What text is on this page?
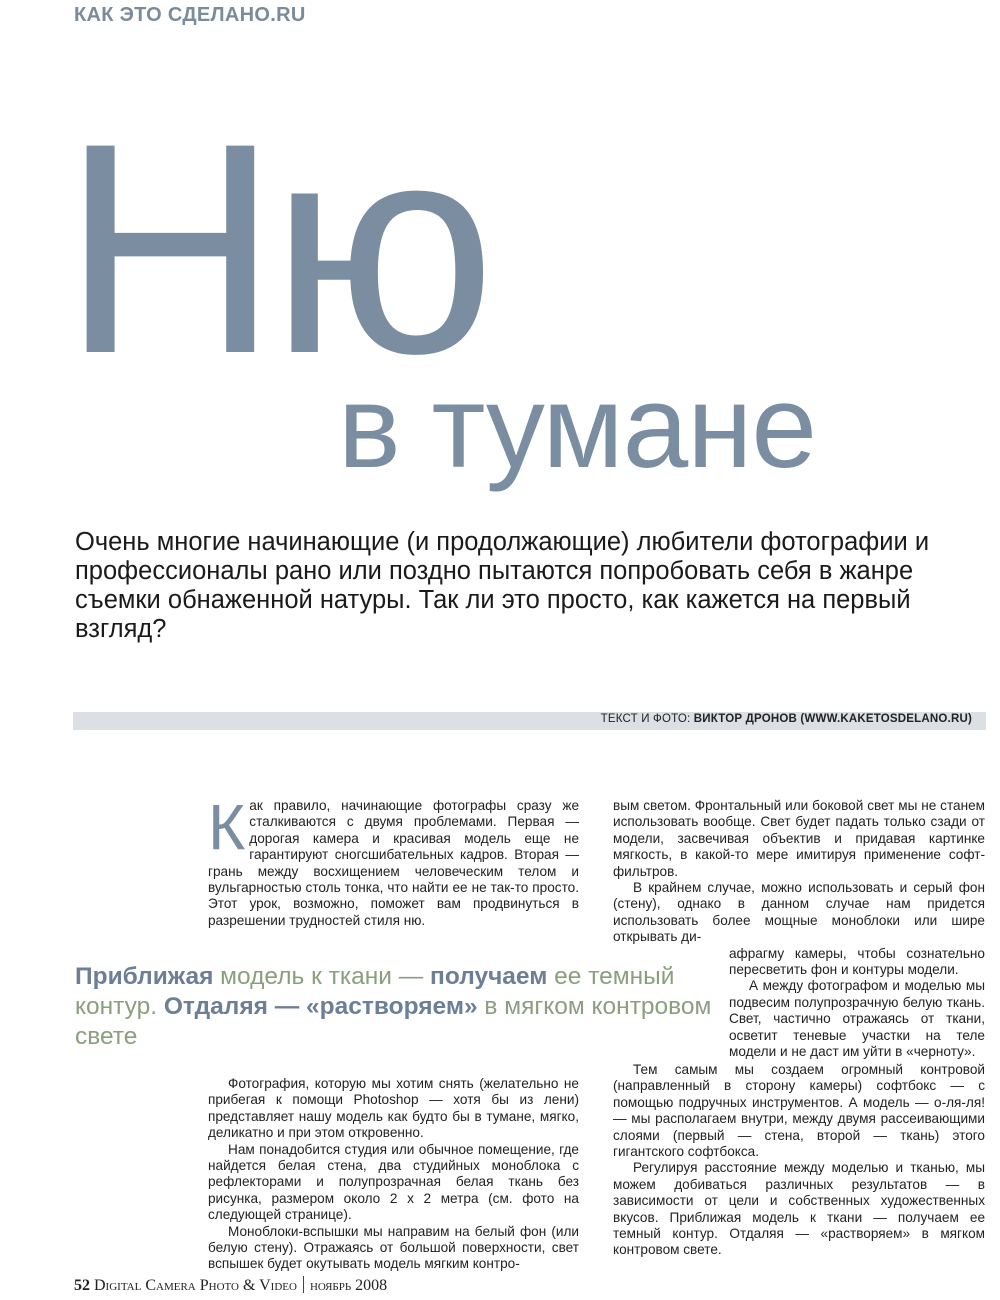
КАК ЭТО СДЕЛАНО.RU
Ню
в тумане
Очень многие начинающие (и продолжающие) любители фотографии и профессионалы рано или поздно пытаются попробовать себя в жанре съемки обнаженной натуры. Так ли это просто, как кажется на первый взгляд?
ТЕКСТ И ФОТО: ВИКТОР ДРОНОВ (WWW.KAKETOSDELANO.RU)

Как правило, начинающие фотографы сразу же сталкиваются с двумя проблемами. Первая — дорогая камера и красивая модель еще не гарантируют сногсшибательных кадров. Вторая — грань между восхищением человеческим телом и вульгарностью столь тонка, что найти ее не так-то просто. Этот урок, возможно, поможет вам продвинуться в разрешении трудностей стиля ню.

Приближая модель к ткани — получаем ее темный контур. Отдаляя — «растворяем» в мягком контровом свете

Фотография, которую мы хотим снять (желательно не прибегая к помощи Photoshop — хотя бы из лени) представляет нашу модель как будто бы в тумане, мягко, деликатно и при этом откровенно.

Нам понадобится студия или обычное помещение, где найдется белая стена, два студийных моноблока с рефлекторами и полупрозрачная белая ткань без рисунка, размером около 2 х 2 метра (см. фото на следующей странице).

Моноблоки-вспышки мы направим на белый фон (или белую стену). Отражаясь от большой поверхности, свет вспышек будет окутывать модель мягким контро-

вым светом. Фронтальный или боковой свет мы не станем использовать вообще. Свет будет падать только сзади от модели, засвечивая объектив и придавая картинке мягкость, в какой-то мере имитируя применение софт-фильтров.

В крайнем случае, можно использовать и серый фон (стену), однако в данном случае нам придется использовать более мощные моноблоки или шире открывать ди-

афрагму камеры, чтобы сознательно пересветить фон и контуры модели.

А между фотографом и моделью мы подвесим полупрозрачную белую ткань. Свет, частично отражаясь от ткани, осветит теневые участки на теле модели и не даст им уйти в «черноту».

Тем самым мы создаем огромный контровой (направленный в сторону камеры) софтбокс — с помощью подручных инструментов. А модель — о-ля-ля! — мы располагаем внутри, между двумя рассеивающими слоями (первый — стена, второй — ткань) этого гигантского софтбокса.

Регулируя расстояние между моделью и тканью, мы можем добиваться различных результатов — в зависимости от цели и собственных художественных вкусов. Приближая модель к ткани — получаем ее темный контур. Отдаляя — «растворяем» в мягком контровом свете.

52 Digital Camera Photo & Video ноябрь 2008
